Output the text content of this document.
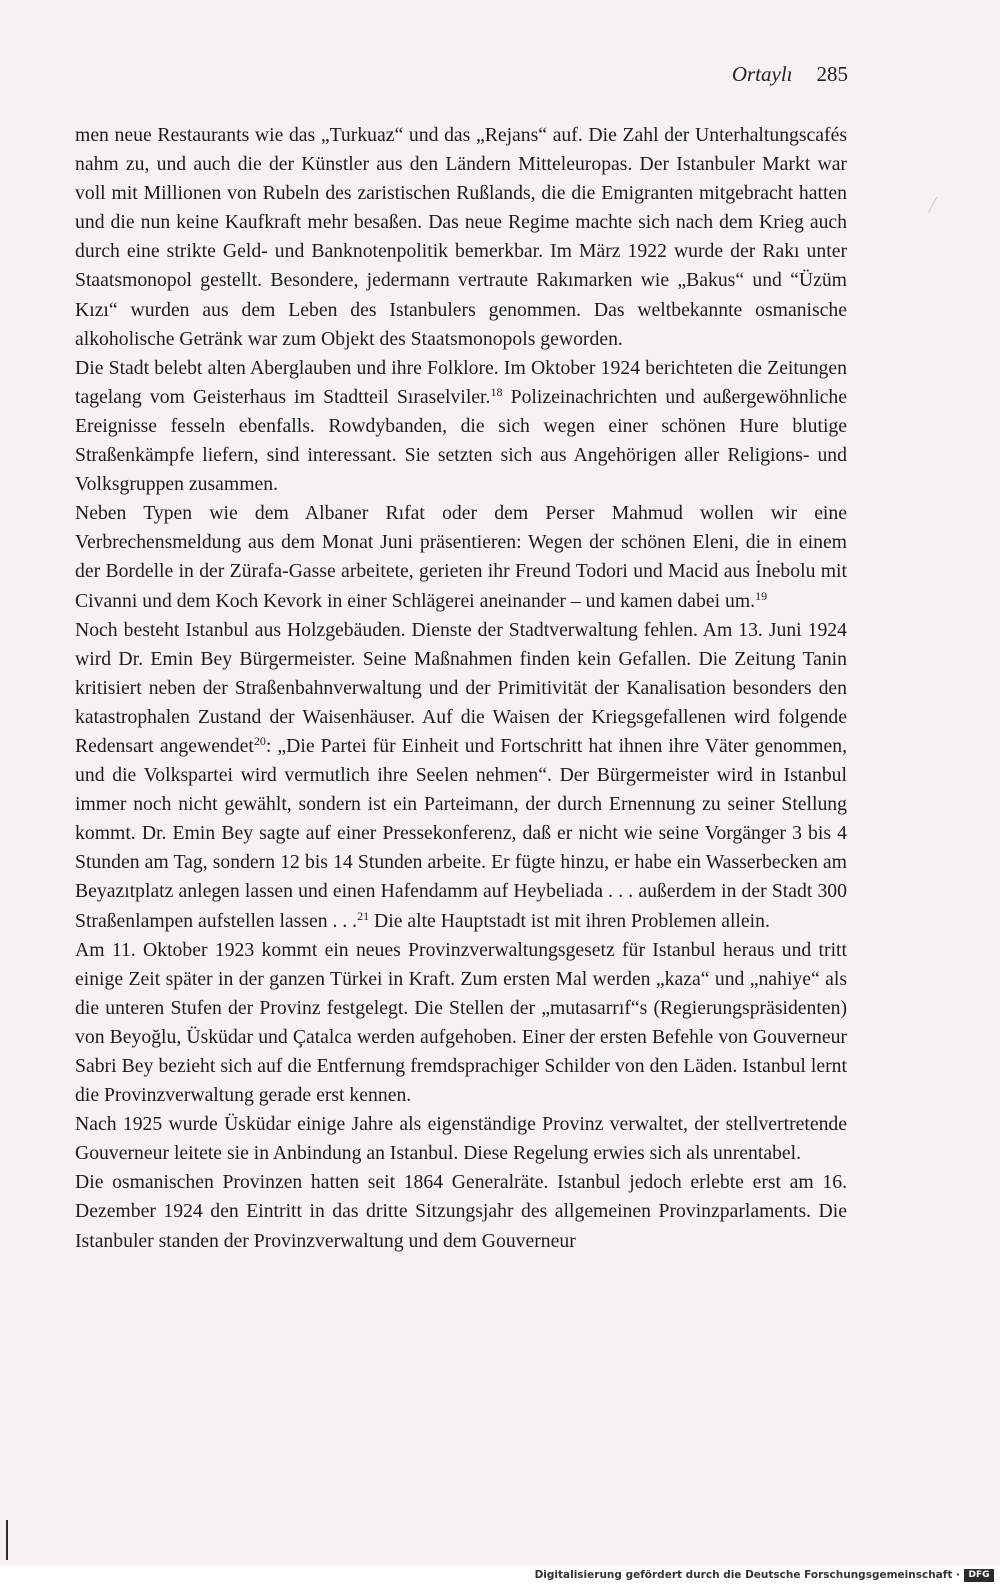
Ortaylı 285

men neue Restaurants wie das „Turkuaz“ und das „Rejans“ auf. Die Zahl der Unterhaltungscafés nahm zu, und auch die der Künstler aus den Ländern Mitteleuropas. Der Istanbuler Markt war voll mit Millionen von Rubeln des zaristischen Rußlands, die die Emigranten mitgebracht hatten und die nun keine Kaufkraft mehr besaßen. Das neue Regime machte sich nach dem Krieg auch durch eine strikte Geld- und Banknotenpolitik bemerkbar. Im März 1922 wurde der Rakı unter Staatsmonopol gestellt. Besondere, jedermann vertraute Rakımarken wie „Bakus“ und “Üzüm Kızı“ wurden aus dem Leben des Istanbulers genommen. Das weltbekannte osmanische alkoholische Getränk war zum Objekt des Staatsmonopols geworden.

Die Stadt belebt alten Aberglauben und ihre Folklore. Im Oktober 1924 berichteten die Zeitungen tagelang vom Geisterhaus im Stadtteil Sıraselviler.$^{18}$ Polizeinachrichten und außergewöhnliche Ereignisse fesseln ebenfalls. Rowdybanden, die sich wegen einer schönen Hure blutige Straßenkämpfe liefern, sind interessant. Sie setzten sich aus Angehörigen aller Religions- und Volksgruppen zusammen.

Neben Typen wie dem Albaner Rıfat oder dem Perser Mahmud wollen wir eine Verbrechensmeldung aus dem Monat Juni präsentieren: Wegen der schönen Eleni, die in einem der Bordelle in der Zürafa-Gasse arbeitete, gerieten ihr Freund Todori und Macid aus İnebolu mit Civanni und dem Koch Kevork in einer Schlägerei aneinander – und kamen dabei um.$^{19}$

Noch besteht Istanbul aus Holzgebäuden. Dienste der Stadtverwaltung fehlen. Am 13. Juni 1924 wird Dr. Emin Bey Bürgermeister. Seine Maßnahmen finden kein Gefallen. Die Zeitung Tanin kritisiert neben der Straßenbahnverwaltung und der Primitivität der Kanalisation besonders den katastrophalen Zustand der Waisenhäuser. Auf die Waisen der Kriegsgefallenen wird folgende Redensart angewendet$^{20}$: „Die Partei für Einheit und Fortschritt hat ihnen ihre Väter genommen, und die Volkspartei wird vermutlich ihre Seelen nehmen“. Der Bürgermeister wird in Istanbul immer noch nicht gewählt, sondern ist ein Parteimann, der durch Ernennung zu seiner Stellung kommt. Dr. Emin Bey sagte auf einer Pressekonferenz, daß er nicht wie seine Vorgänger 3 bis 4 Stunden am Tag, sondern 12 bis 14 Stunden arbeite. Er fügte hinzu, er habe ein Wasserbecken am Beyazıtplatz anlegen lassen und einen Hafendamm auf Heybeliada . . . außerdem in der Stadt 300 Straßenlampen aufstellen lassen . . .$^{21}$ Die alte Hauptstadt ist mit ihren Problemen allein.

Am 11. Oktober 1923 kommt ein neues Provinzverwaltungsgesetz für Istanbul heraus und tritt einige Zeit später in der ganzen Türkei in Kraft. Zum ersten Mal werden „kaza“ und „nahiye“ als die unteren Stufen der Provinz festgelegt. Die Stellen der „mutasarrıf“s (Regierungspräsidenten) von Beyoğlu, Üsküdar und Çatalca werden aufgehoben. Einer der ersten Befehle von Gouverneur Sabri Bey bezieht sich auf die Entfernung fremdsprachiger Schilder von den Läden. Istanbul lernt die Provinzverwaltung gerade erst kennen.

Nach 1925 wurde Üsküdar einige Jahre als eigenständige Provinz verwaltet, der stellvertretende Gouverneur leitete sie in Anbindung an Istanbul. Diese Regelung erwies sich als unrentabel.

Die osmanischen Provinzen hatten seit 1864 Generalräte. Istanbul jedoch erlebte erst am 16. Dezember 1924 den Eintritt in das dritte Sitzungsjahr des allgemeinen Provinzparlaments. Die Istanbuler standen der Provinzverwaltung und dem Gouverneur

Digitalisierung gefördert durch die Deutsche Forschungsgemeinschaft · DFG
